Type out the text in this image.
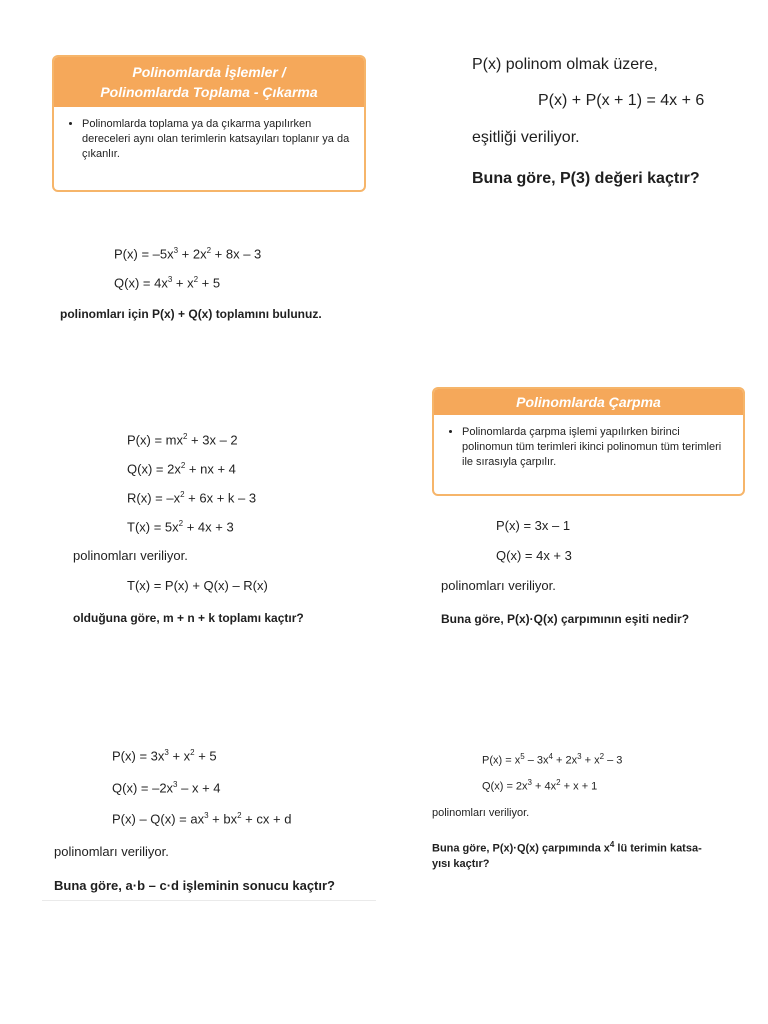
Polinomlarda İşlemler /
Polinomlarda Toplama - Çıkarma
• Polinomlarda toplama ya da çıkarma yapılırken dereceleri aynı olan terimlerin katsayıları toplanır ya da çıkanlır.
P(x) polinom olmak üzere,
P(x) + P(x + 1) = 4x + 6
eşitliği veriliyor.
Buna göre, P(3) değeri kaçtır?
$P(x) = -5x^3 + 2x^2 + 8x - 3$
$Q(x) = 4x^3 + x^2 + 5$
polinomları için P(x) + Q(x) toplamını bulunuz.
$P(x) = mx^2 + 3x - 2$
$Q(x) = 2x^2$ + nx + 4
$R(x) = -x^2 + 6x + k - 3$
$T(x) = 5x^2 + 4x + 3$
polinomları veriliyor.
T(x) = P(x) + Q(x) – R(x)
olduğuna göre, m + n + k toplamı kaçtır?
Polinomlarda Çarpma
• Polinomlarda çarpma işlemi yapılırken birinci polinomun tüm terimleri ikinci polinomun tüm terimleri ile sırasıyla çarpılır.
P(x) = 3x – 1
Q(x) = 4x + 3
polinomları veriliyor.
Buna göre, P(x)·Q(x) çarpımının eşiti nedir?
$P(x) = 3x^3 + x^2 + 5$
$Q(x) = -2x^3 - x + 4$
$P(x) - Q(x) = ax^3 + bx^2$ + cx + d
polinomları veriliyor.
Buna göre, a·b – c·d işleminin sonucu kaçtır?
$P(x) = x^5 - 3x^4 + 2x^3 + x^2 - 3$
$Q(x) = 2x^3 + 4x^2 + x + 1$
polinomları veriliyor.
Buna göre, P(x)·Q(x) çarpımında $x^4$ lü terimin katsa-
yısı kaçtır?
